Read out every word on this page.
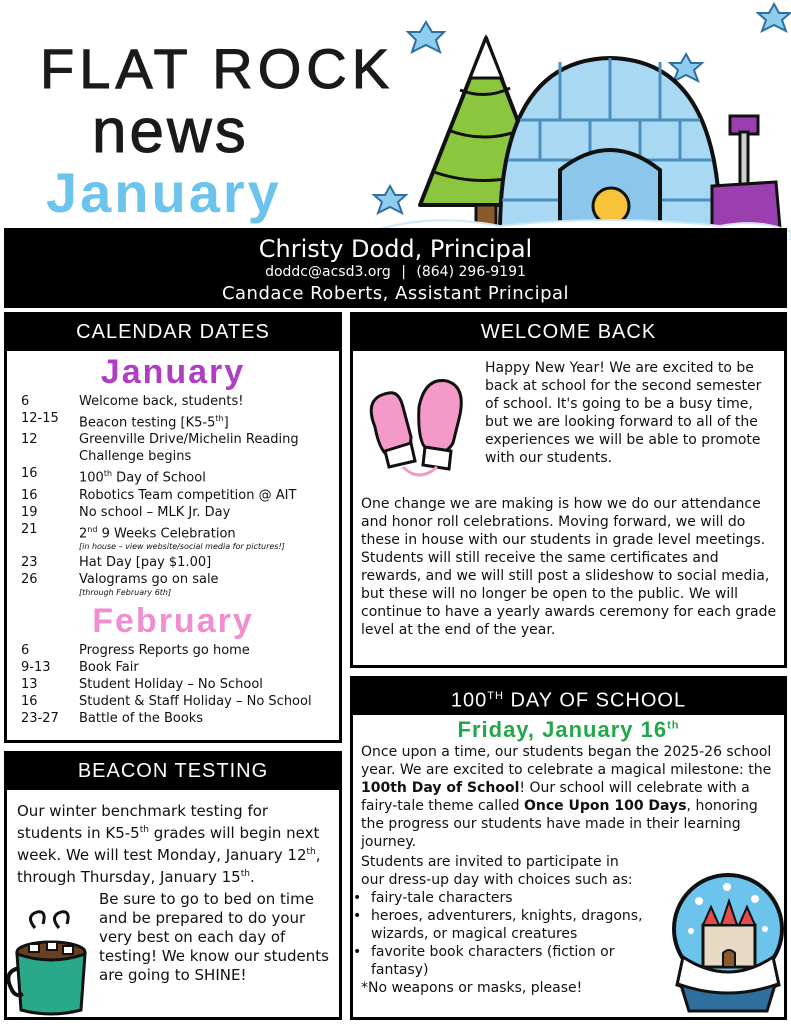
FLAT ROCK
news
January
Christy Dodd, Principal
doddc@acsd3.org | (864) 296-9191
Candace Roberts, Assistant Principal
CALENDAR DATES
January
6	Welcome back, students!
12-15	Beacon testing [K5-5th]
12	Greenville Drive/Michelin Reading Challenge begins
16	100th Day of School
16	Robotics Team competition @ AIT
19	No school – MLK Jr. Day
21	2nd 9 Weeks Celebration
[in house – view website/social media for pictures!]
23	Hat Day [pay $1.00]
26	Valograms go on sale
[through February 6th]
February
6	Progress Reports go home
9-13	Book Fair
13	Student Holiday – No School
16	Student & Staff Holiday – No School
23-27	Battle of the Books
WELCOME BACK
Happy New Year! We are excited to be back at school for the second semester of school. It's going to be a busy time, but we are looking forward to all of the experiences we will be able to promote with our students.
One change we are making is how we do our attendance and honor roll celebrations. Moving forward, we will do these in house with our students in grade level meetings. Students will still receive the same certificates and rewards, and we will still post a slideshow to social media, but these will no longer be open to the public. We will continue to have a yearly awards ceremony for each grade level at the end of the year.
BEACON TESTING
Our winter benchmark testing for students in K5-5th grades will begin next week. We will test Monday, January 12th, through Thursday, January 15th.
Be sure to go to bed on time and be prepared to do your very best on each day of testing! We know our students are going to SHINE!
100TH DAY OF SCHOOL
Friday, January 16th
Once upon a time, our students began the 2025-26 school year. We are excited to celebrate a magical milestone: the 100th Day of School! Our school will celebrate with a fairy-tale theme called Once Upon 100 Days, honoring the progress our students have made in their learning journey.
Students are invited to participate in our dress-up day with choices such as:
• fairy-tale characters
• heroes, adventurers, knights, dragons, wizards, or magical creatures
• favorite book characters (fiction or fantasy)
*No weapons or masks, please!
